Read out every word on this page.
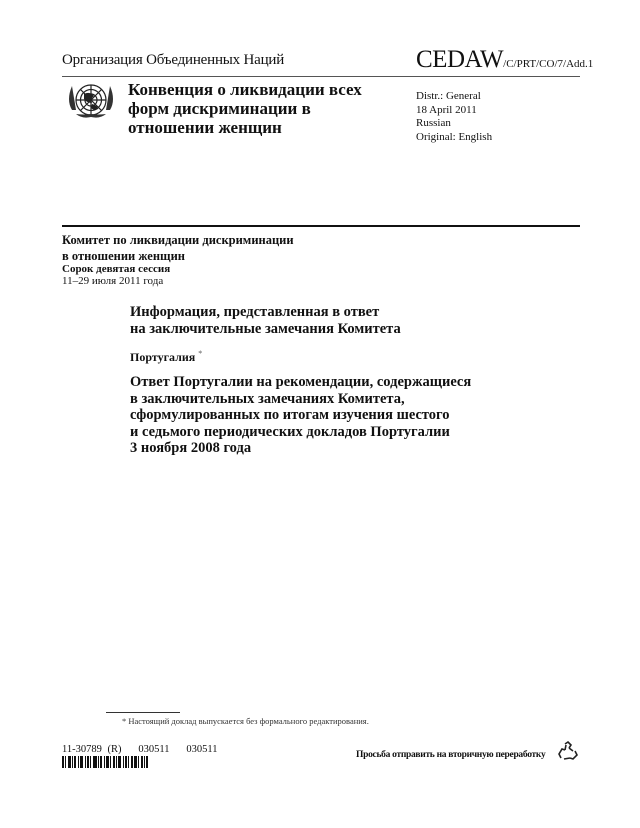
Организация Объединенных Наций	CEDAW/C/PRT/CO/7/Add.1
Конвенция о ликвидации всех
форм дискриминации в
отношении женщин
Distr.: General
18 April 2011
Russian
Original: English
Комитет по ликвидации дискриминации
в отношении женщин
Сорок девятая сессия
11–29 июля 2011 года
Информация, представленная в ответ
на заключительные замечания Комитета
Португалия *
Ответ Португалии на рекомендации, содержащиеся
в заключительных замечаниях Комитета,
сформулированных по итогам изучения шестого
и седьмого периодических докладов Португалии
3 ноября 2008 года
* Настоящий доклад выпускается без формального редактирования.
11-30789 (R)   030511   030511	Просьба отправить на вторичную переработку
